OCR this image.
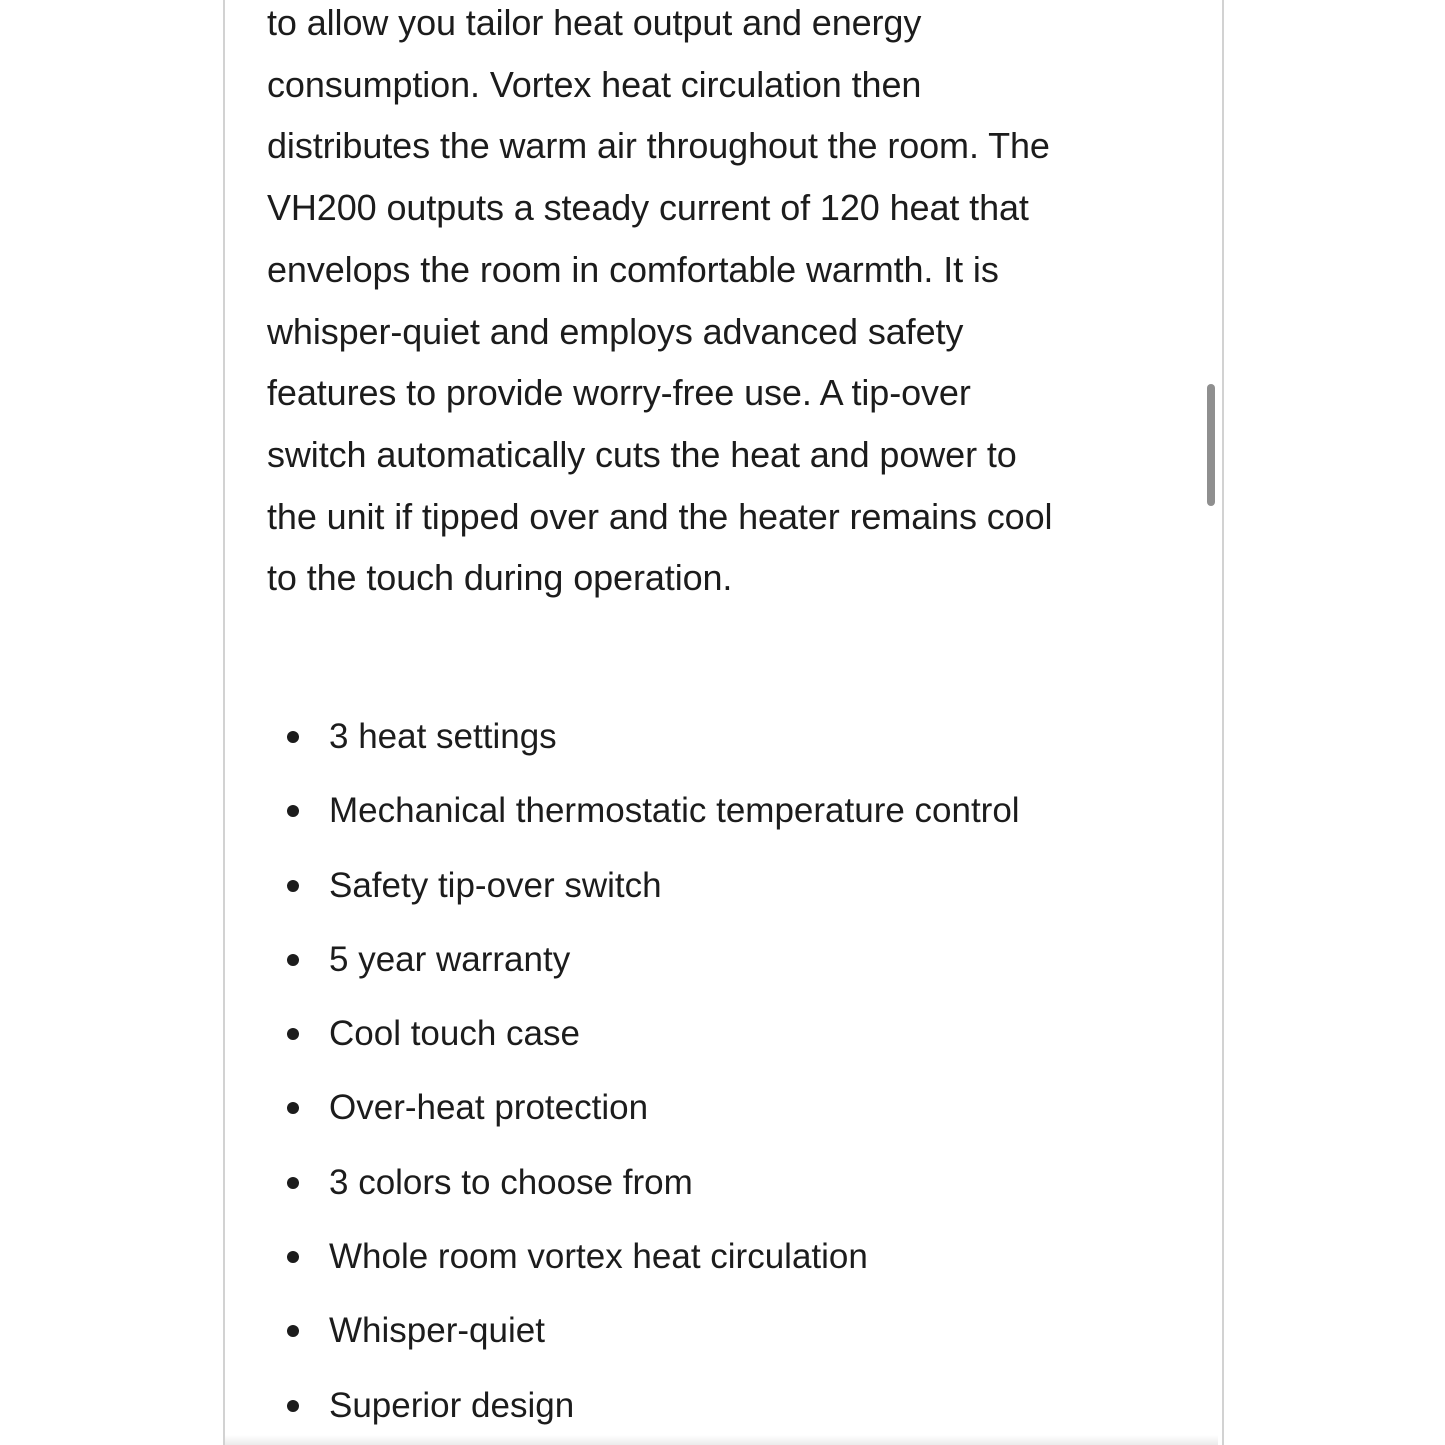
to allow you tailor heat output and energy
consumption. Vortex heat circulation then
distributes the warm air throughout the room. The
VH200 outputs a steady current of 120 heat that
envelops the room in comfortable warmth. It is
whisper-quiet and employs advanced safety
features to provide worry-free use. A tip-over
switch automatically cuts the heat and power to
the unit if tipped over and the heater remains cool
to the touch during operation.

3 heat settings
Mechanical thermostatic temperature control
Safety tip-over switch
5 year warranty
Cool touch case
Over-heat protection
3 colors to choose from
Whole room vortex heat circulation
Whisper-quiet
Superior design
